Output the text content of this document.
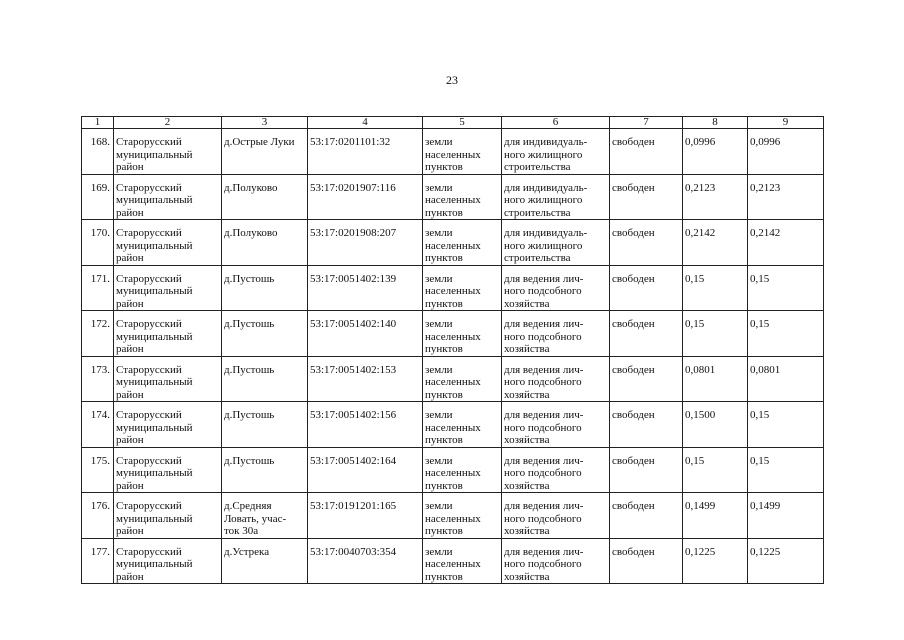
23
1	2	3	4	5	6	7	8	9

168.	Старорусский
муниципальный
район	д.Острые Луки	53:17:0201101:32	земли
населенных
пунктов	для индивидуаль-
ного жилищного
строительства	свободен	0,0996	0,0996

169.	Старорусский
муниципальный
район	д.Полуково	53:17:0201907:116	земли
населенных
пунктов	для индивидуаль-
ного жилищного
строительства	свободен	0,2123	0,2123

170.	Старорусский
муниципальный
район	д.Полуково	53:17:0201908:207	земли
населенных
пунктов	для индивидуаль-
ного жилищного
строительства	свободен	0,2142	0,2142

171.	Старорусский
муниципальный
район	д.Пустошь	53:17:0051402:139	земли
населенных
пунктов	для ведения лич-
ного подсобного
хозяйства	свободен	0,15	0,15

172.	Старорусский
муниципальный
район	д.Пустошь	53:17:0051402:140	земли
населенных
пунктов	для ведения лич-
ного подсобного
хозяйства	свободен	0,15	0,15

173.	Старорусский
муниципальный
район	д.Пустошь	53:17:0051402:153	земли
населенных
пунктов	для ведения лич-
ного подсобного
хозяйства	свободен	0,0801	0,0801

174.	Старорусский
муниципальный
район	д.Пустошь	53:17:0051402:156	земли
населенных
пунктов	для ведения лич-
ного подсобного
хозяйства	свободен	0,1500	0,15

175.	Старорусский
муниципальный
район	д.Пустошь	53:17:0051402:164	земли
населенных
пунктов	для ведения лич-
ного подсобного
хозяйства	свободен	0,15	0,15

176.	Старорусский
муниципальный
район	д.Средняя
Ловать, учас-
ток 30а	53:17:0191201:165	земли
населенных
пунктов	для ведения лич-
ного подсобного
хозяйства	свободен	0,1499	0,1499

177.	Старорусский
муниципальный
район	д.Устрека	53:17:0040703:354	земли
населенных
пунктов	для ведения лич-
ного подсобного
хозяйства	свободен	0,1225	0,1225
